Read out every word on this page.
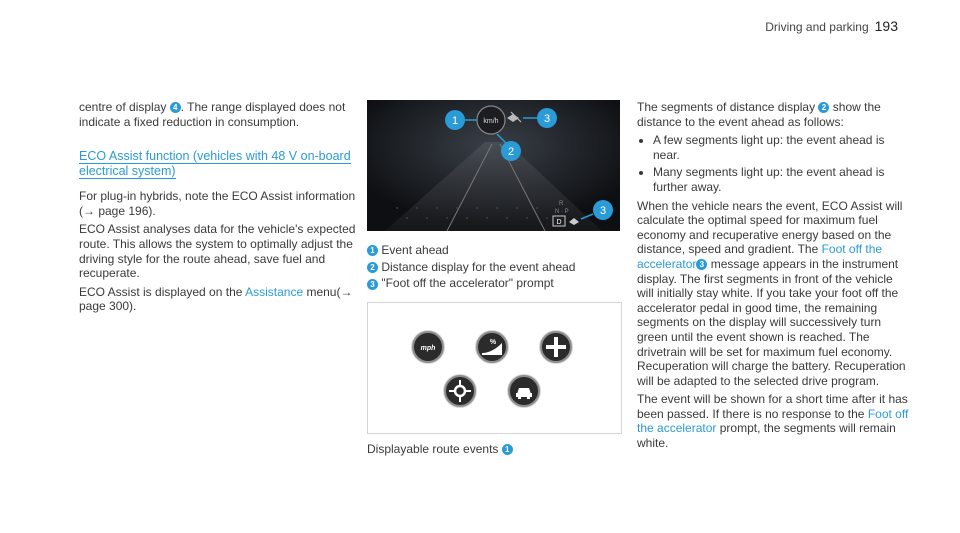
Driving and parking 193

centre of display 4 . The range displayed does not indicate a fixed reduction in consumption.

ECO Assist function (vehicles with 48 V on-board electrical system)

For plug-in hybrids, note the ECO Assist information (→ page 196).

ECO Assist analyses data for the vehicle's expected route. This allows the system to optimally adjust the driving style for the route ahead, save fuel and recuperate.

ECO Assist is displayed on the Assistance menu(→ page 300).

km/h
1	3
2
R
N · P
D
3
1 Event ahead
2 Distance display for the event ahead
3 "Foot off the accelerator" prompt
mph
%
Displayable route events 1

The segments of distance display 2 show the distance to the event ahead as follows:

• A few segments light up: the event ahead is near.
• Many segments light up: the event ahead is further away.

When the vehicle nears the event, ECO Assist will calculate the optimal speed for maximum fuel economy and recuperative energy based on the distance, speed and gradient. The Foot off the accelerator 3 message appears in the instrument display. The first segments in front of the vehicle will initially stay white. If you take your foot off the accelerator pedal in good time, the remaining segments on the display will successively turn green until the event shown is reached. The drivetrain will be set for maximum fuel economy. Recuperation will charge the battery. Recuperation will be adapted to the selected drive program.

The event will be shown for a short time after it has been passed. If there is no response to the Foot off the accelerator prompt, the segments will remain white.
